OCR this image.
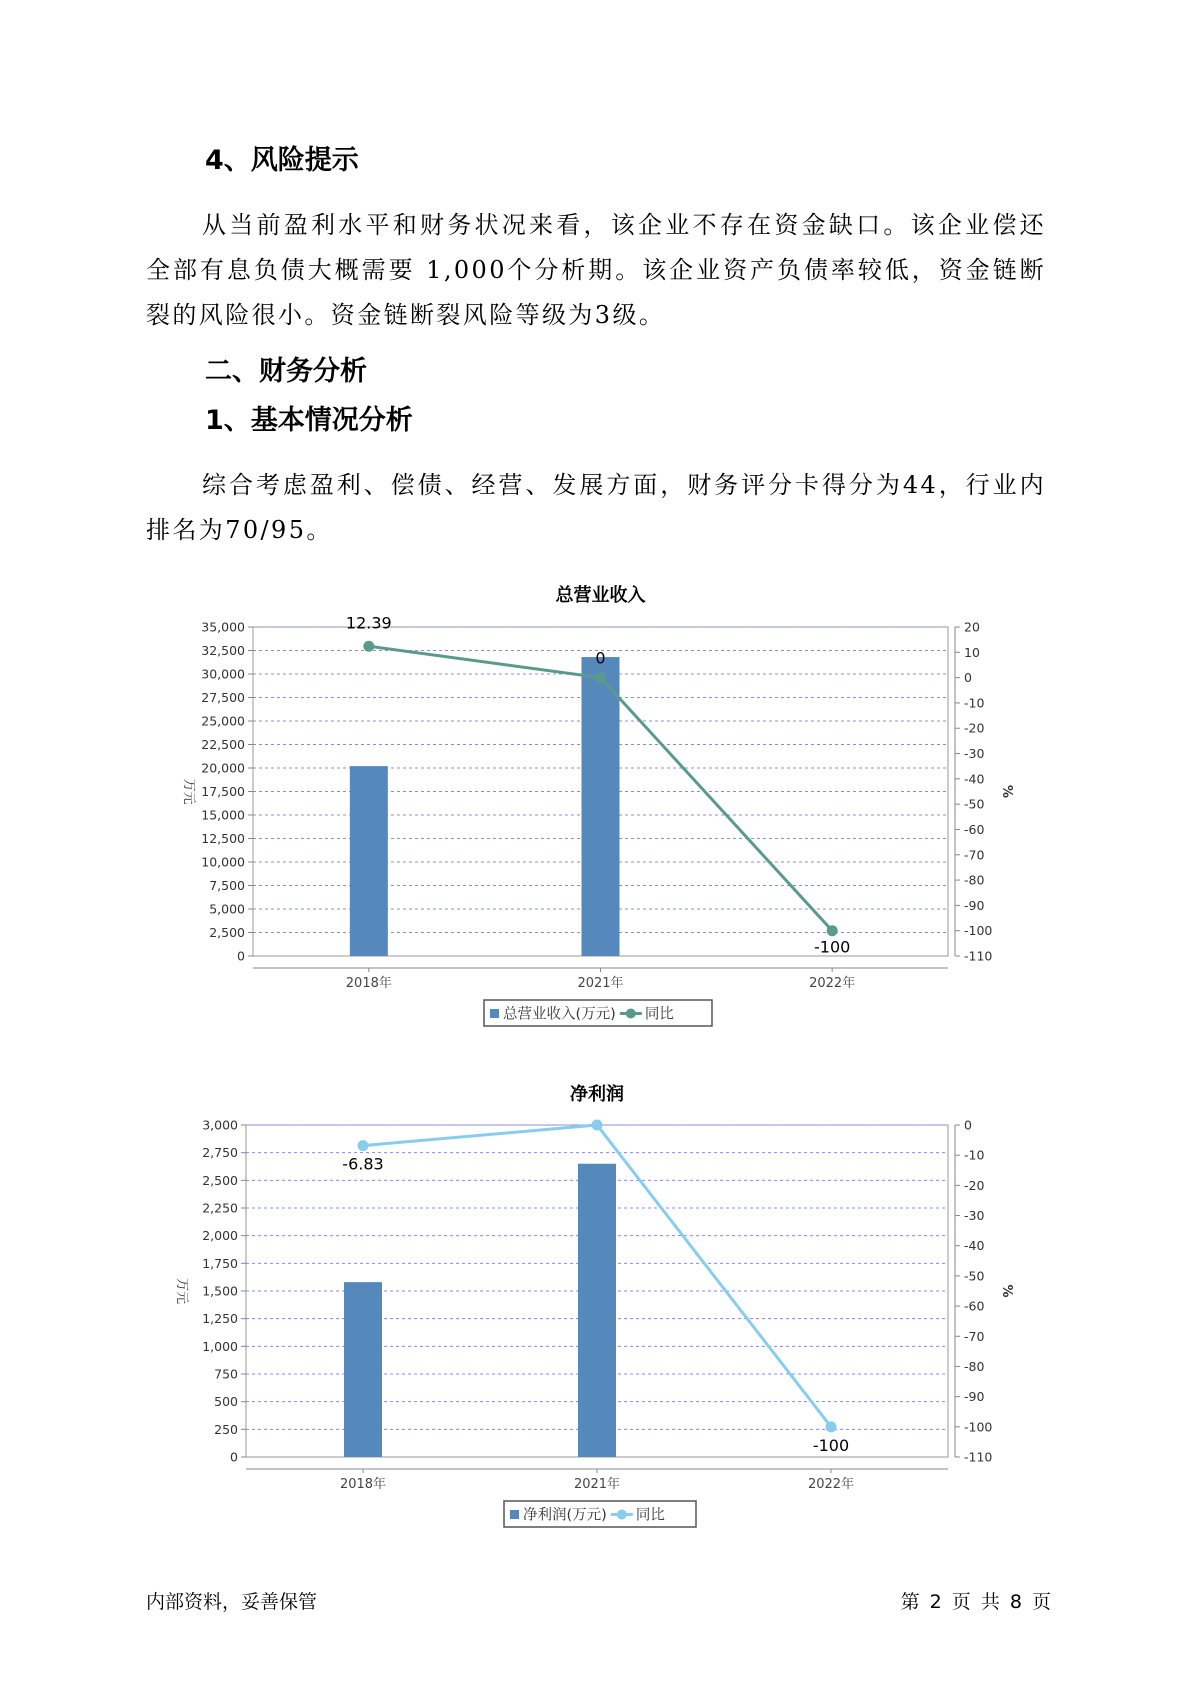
4、风险提示

从当前盈利水平和财务状况来看，该企业不存在资金缺口。该企业偿还全部有息负债大概需要 1,000个分析期。该企业资产负债率较低，资金链断裂的风险很小。资金链断裂风险等级为3级。

二、财务分析
1、基本情况分析

综合考虑盈利、偿债、经营、发展方面，财务评分卡得分为44，行业内排名为70/95。

总营业收入
0
2,500
5,000
7,500
10,000
12,500
15,000
17,500
20,000
22,500
25,000
27,500
30,000
32,500
35,000	20
10
0
-10
-20
-30
-40
-50
-60
-70
-80
-90
-100
-110
万元	%
2018年	2021年	2022年
12.39
0
-100
总营业收入(万元) 同比
净利润
0
250
500
750
1,000
1,250
1,500
1,750
2,000
2,250
2,500
2,750
3,000	0
-10
-20
-30
-40
-50
-60
-70
-80
-90
-100
-110
万元	%
2018年	2021年	2022年
-6.83
-100
净利润(万元) 同比
内部资料，妥善保管	第 2 页 共 8 页
